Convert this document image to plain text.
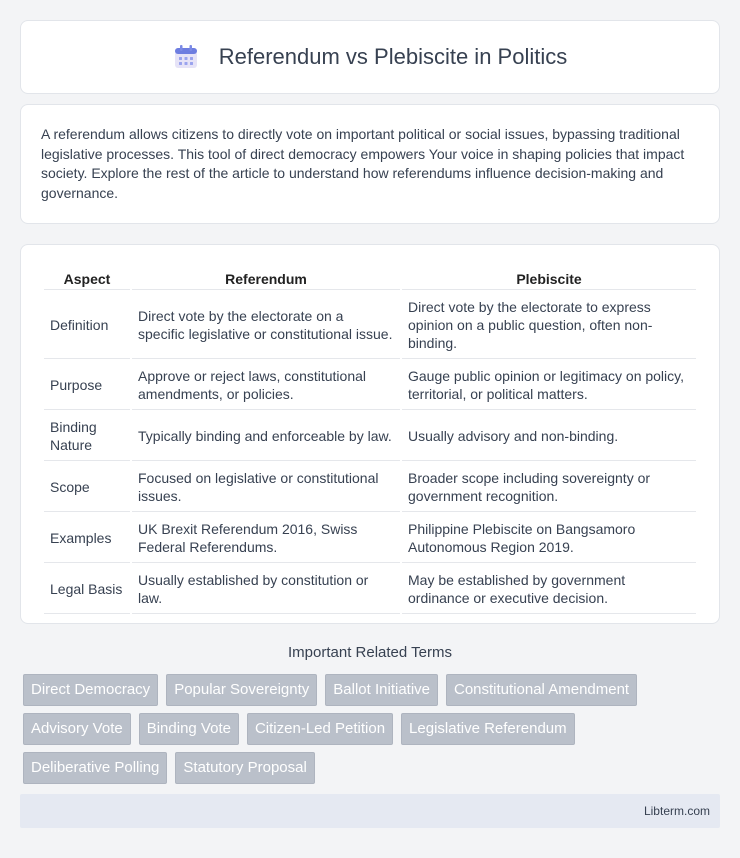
Referendum vs Plebiscite in Politics

A referendum allows citizens to directly vote on important political or social issues, bypassing traditional legislative processes. This tool of direct democracy empowers Your voice in shaping policies that impact society. Explore the rest of the article to understand how referendums influence decision-making and governance.

Aspect	Referendum	Plebiscite
Definition	Direct vote by the electorate on a specific legislative or constitutional issue.	Direct vote by the electorate to express opinion on a public question, often non-binding.
Purpose	Approve or reject laws, constitutional amendments, or policies.	Gauge public opinion or legitimacy on policy, territorial, or political matters.
Binding Nature	Typically binding and enforceable by law.	Usually advisory and non-binding.
Scope	Focused on legislative or constitutional issues.	Broader scope including sovereignty or government recognition.
Examples	UK Brexit Referendum 2016, Swiss Federal Referendums.	Philippine Plebiscite on Bangsamoro Autonomous Region 2019.
Legal Basis	Usually established by constitution or law.	May be established by government ordinance or executive decision.
Important Related Terms
Direct Democracy	Popular Sovereignty	Ballot Initiative	Constitutional Amendment
Advisory Vote	Binding Vote	Citizen-Led Petition	Legislative Referendum
Deliberative Polling	Statutory Proposal
Libterm.com
